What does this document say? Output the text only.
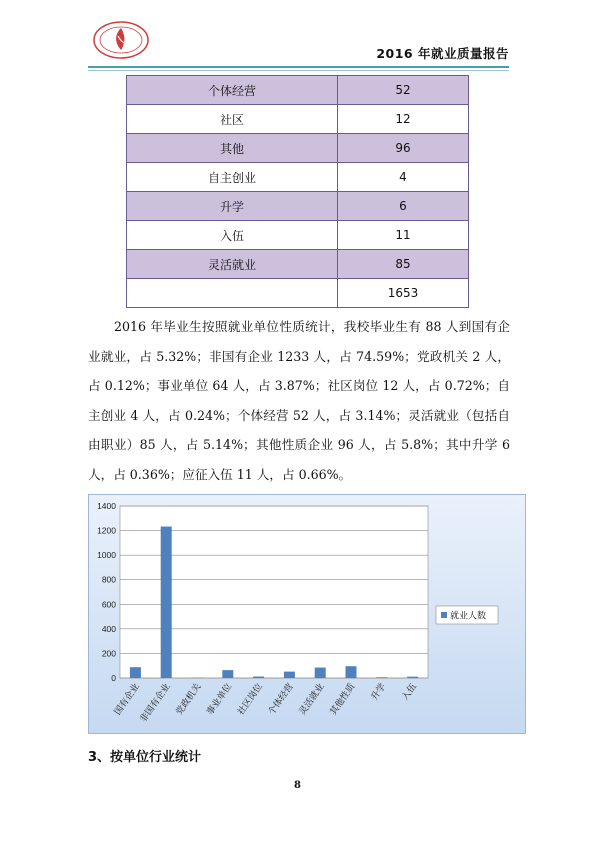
2016 年就业质量报告
个体经营	52
社区	12
其他	96
自主创业	4
升学	6
入伍	11
灵活就业	85
	1653

2016 年毕业生按照就业单位性质统计，我校毕业生有 88 人到国有企业就业，占 5.32%；非国有企业 1233 人，占 74.59%；党政机关 2 人，占 0.12%；事业单位 64 人，占 3.87%；社区岗位 12 人，占 0.72%；自主创业 4 人，占 0.24%；个体经营 52 人，占 3.14%；灵活就业（包括自由职业）85 人，占 5.14%；其他性质企业 96 人，占 5.8%；其中升学 6 人，占 0.36%；应征入伍 11 人，占 0.66%。

0
200
400
600
800
1000
1200
1400
国有企业
非国有企业 党政机关 事业单位 社区岗位 个体经营 灵活就业 其他性质 升学 入伍
就业人数
3、按单位行业统计
8
